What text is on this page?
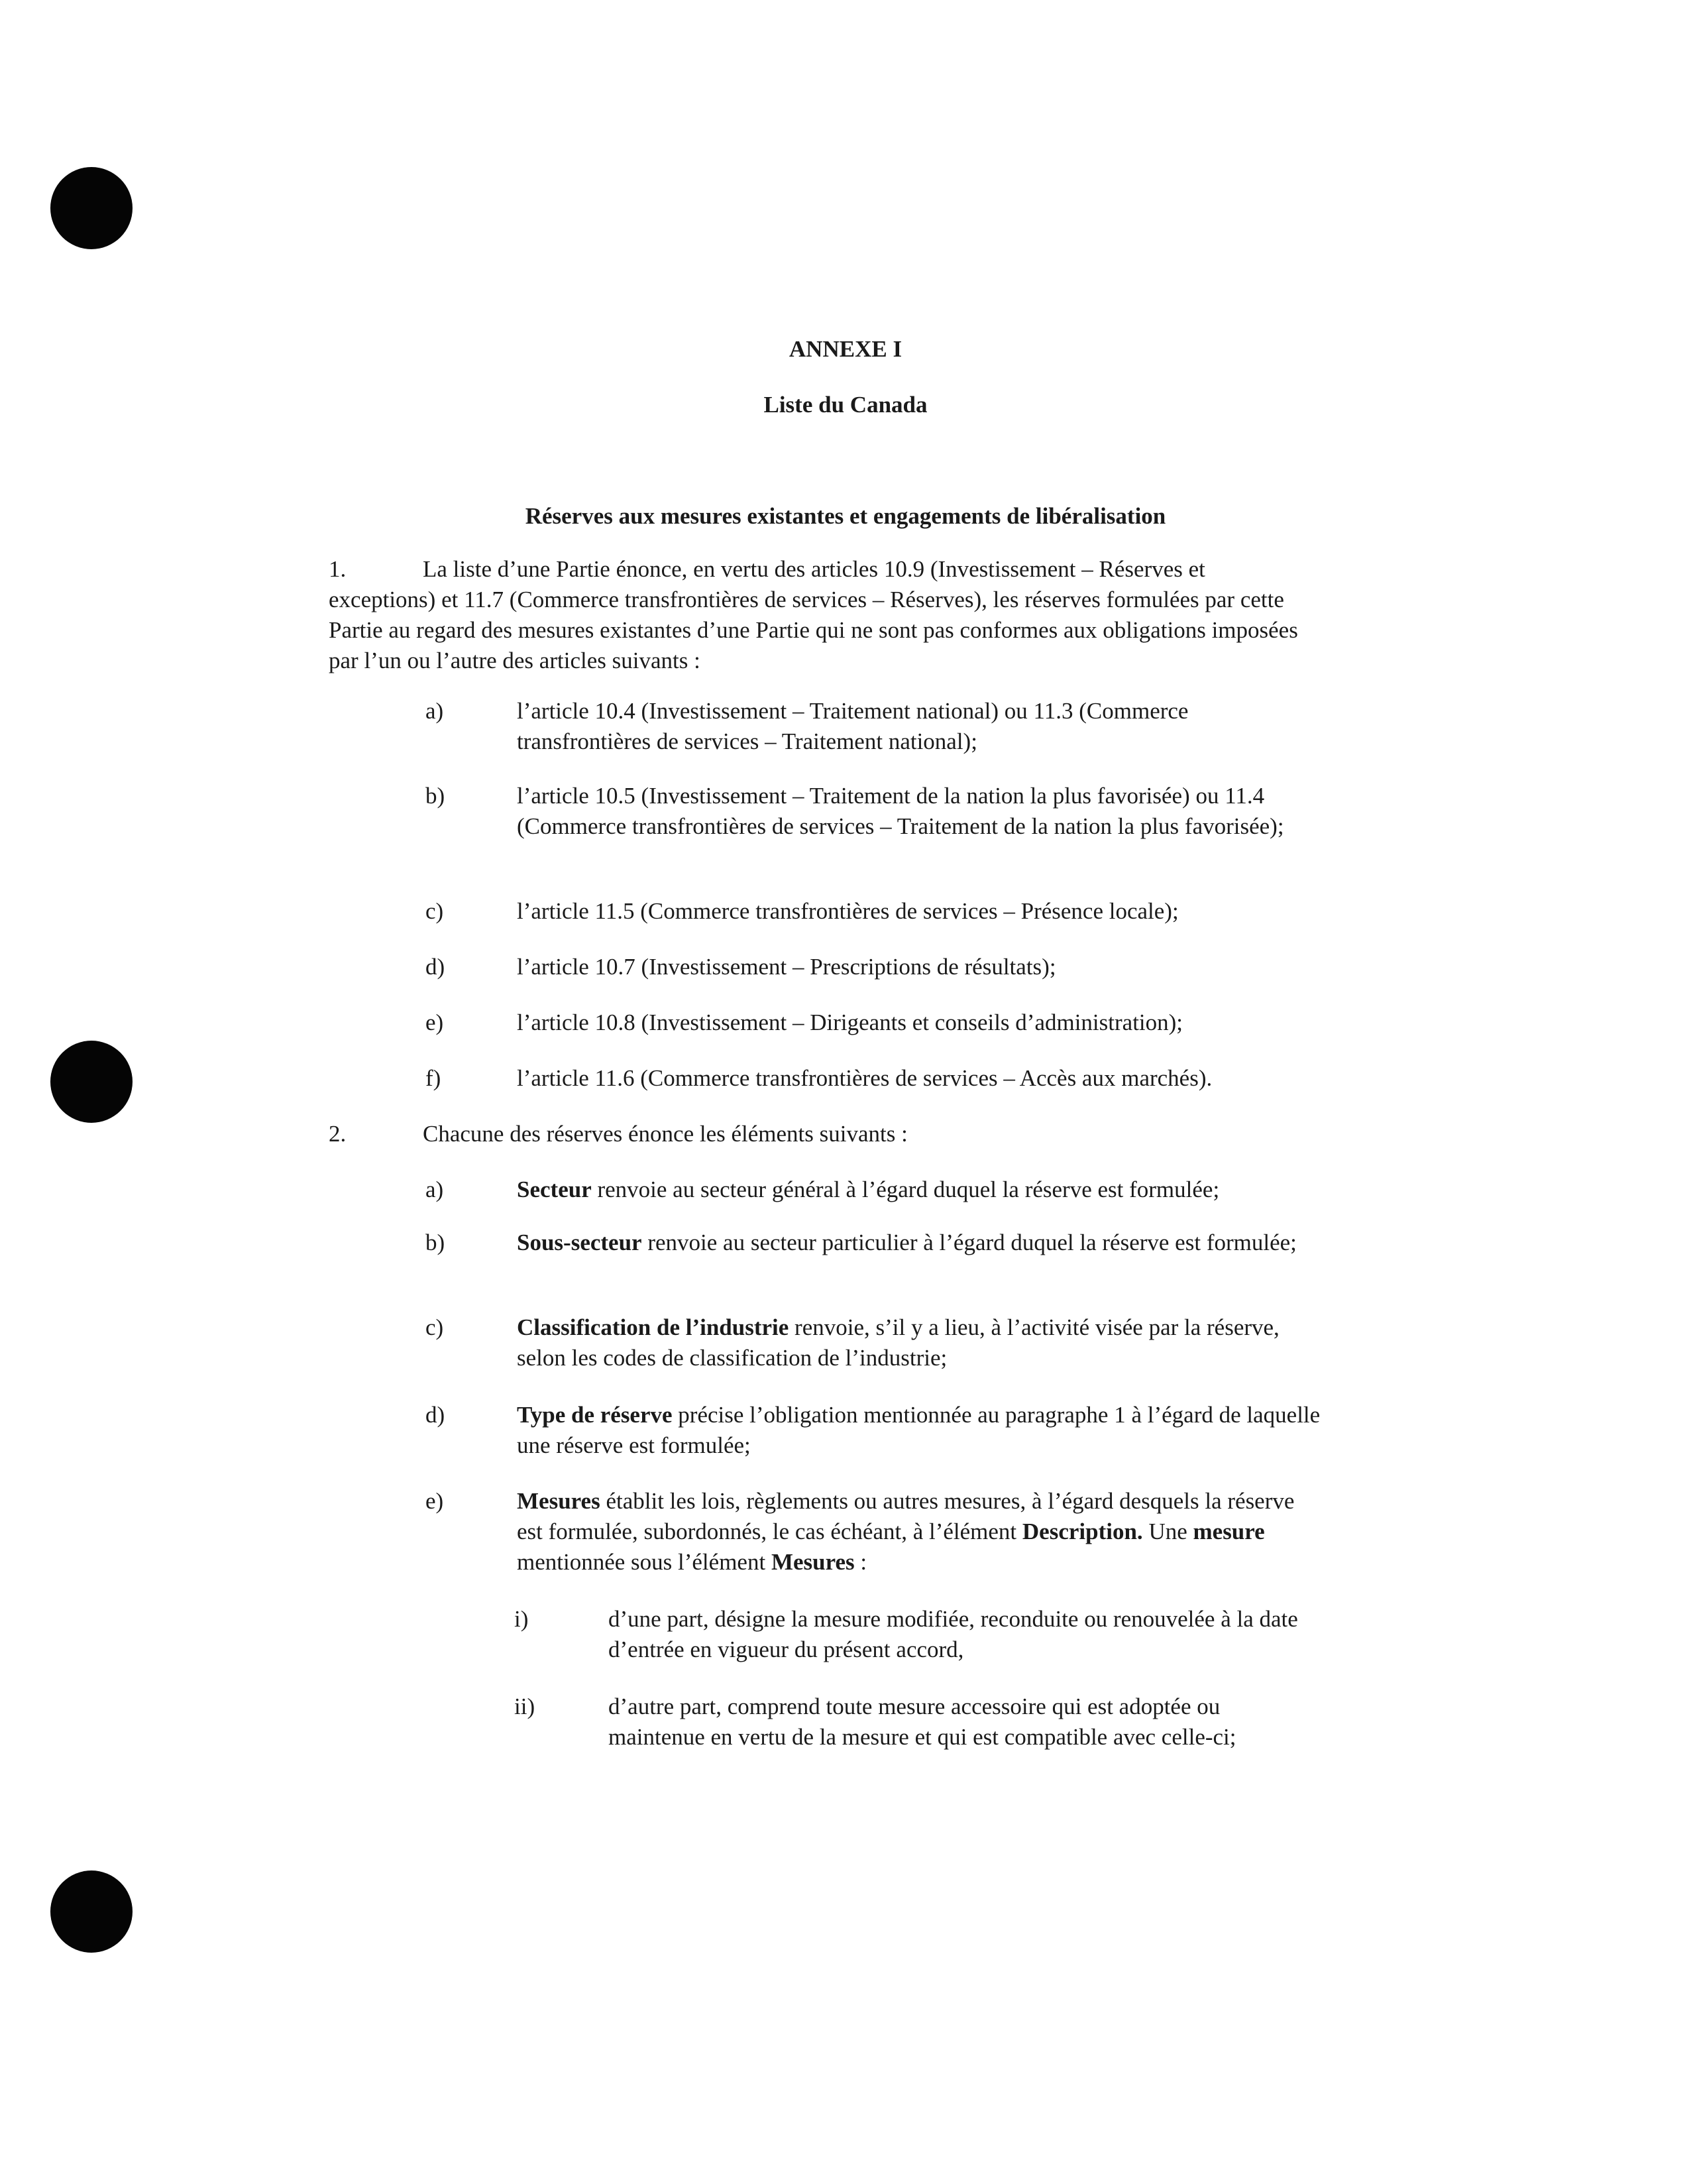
ANNEXE I
Liste du Canada
Réserves aux mesures existantes et engagements de libéralisation
1.	La liste d’une Partie énonce, en vertu des articles 10.9 (Investissement – Réserves et exceptions) et 11.7 (Commerce transfrontières de services – Réserves), les réserves formulées par cette Partie au regard des mesures existantes d’une Partie qui ne sont pas conformes aux obligations imposées par l’un ou l’autre des articles suivants :
a)	l’article 10.4 (Investissement – Traitement national) ou 11.3 (Commerce transfrontières de services – Traitement national);
b)	l’article 10.5 (Investissement – Traitement de la nation la plus favorisée) ou 11.4 (Commerce transfrontières de services – Traitement de la nation la plus favorisée);
c)	l’article 11.5 (Commerce transfrontières de services – Présence locale);
d)	l’article 10.7 (Investissement – Prescriptions de résultats);
e)	l’article 10.8 (Investissement – Dirigeants et conseils d’administration);
f)	l’article 11.6 (Commerce transfrontières de services – Accès aux marchés).
2.	Chacune des réserves énonce les éléments suivants :
a)	Secteur renvoie au secteur général à l’égard duquel la réserve est formulée;
b)	Sous-secteur renvoie au secteur particulier à l’égard duquel la réserve est formulée;
c)	Classification de l’industrie renvoie, s’il y a lieu, à l’activité visée par la réserve, selon les codes de classification de l’industrie;
d)	Type de réserve précise l’obligation mentionnée au paragraphe 1 à l’égard de laquelle une réserve est formulée;
e)	Mesures établit les lois, règlements ou autres mesures, à l’égard desquels la réserve est formulée, subordonnés, le cas échéant, à l’élément Description. Une mesure mentionnée sous l’élément Mesures :
i)	d’une part, désigne la mesure modifiée, reconduite ou renouvelée à la date d’entrée en vigueur du présent accord,
ii)	d’autre part, comprend toute mesure accessoire qui est adoptée ou maintenue en vertu de la mesure et qui est compatible avec celle-ci;
